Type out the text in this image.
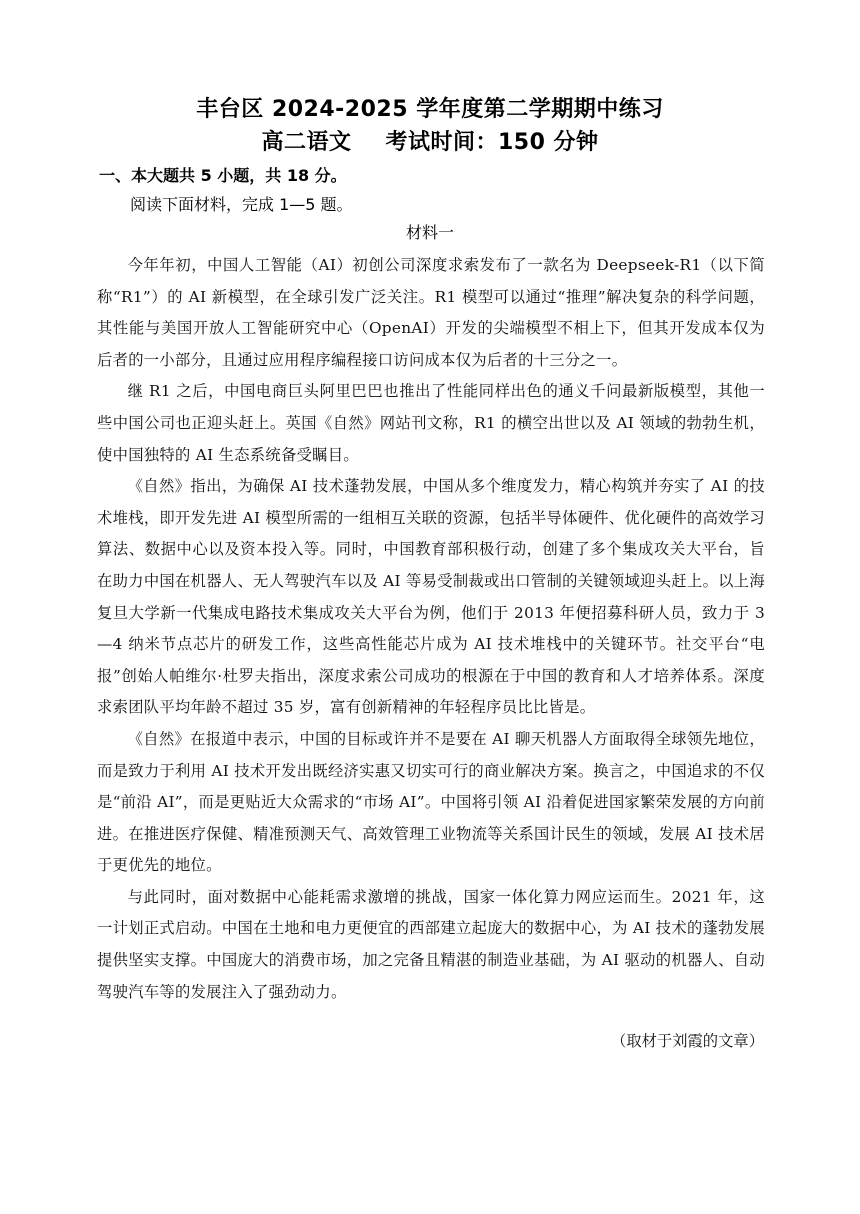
丰台区 2024-2025 学年度第二学期期中练习
高二语文 考试时间：150 分钟
一、本大题共 5 小题，共 18 分。
阅读下面材料，完成 1—5 题。
材料一

今年年初，中国人工智能（AI）初创公司深度求索发布了一款名为 Deepseek-R1（以下简称“R1”）的 AI 新模型，在全球引发广泛关注。R1 模型可以通过“推理”解决复杂的科学问题，其性能与美国开放人工智能研究中心（OpenAI）开发的尖端模型不相上下，但其开发成本仅为后者的一小部分，且通过应用程序编程接口访问成本仅为后者的十三分之一。

继 R1 之后，中国电商巨头阿里巴巴也推出了性能同样出色的通义千问最新版模型，其他一些中国公司也正迎头赶上。英国《自然》网站刊文称，R1 的横空出世以及 AI 领域的勃勃生机，使中国独特的 AI 生态系统备受瞩目。

《自然》指出，为确保 AI 技术蓬勃发展，中国从多个维度发力，精心构筑并夯实了 AI 的技术堆栈，即开发先进 AI 模型所需的一组相互关联的资源，包括半导体硬件、优化硬件的高效学习算法、数据中心以及资本投入等。同时，中国教育部积极行动，创建了多个集成攻关大平台，旨在助力中国在机器人、无人驾驶汽车以及 AI 等易受制裁或出口管制的关键领域迎头赶上。以上海复旦大学新一代集成电路技术集成攻关大平台为例，他们于 2013 年便招募科研人员，致力于 3—4 纳米节点芯片的研发工作，这些高性能芯片成为 AI 技术堆栈中的关键环节。社交平台“电报”创始人帕维尔·杜罗夫指出，深度求索公司成功的根源在于中国的教育和人才培养体系。深度求索团队平均年龄不超过 35 岁，富有创新精神的年轻程序员比比皆是。

《自然》在报道中表示，中国的目标或许并不是要在 AI 聊天机器人方面取得全球领先地位，而是致力于利用 AI 技术开发出既经济实惠又切实可行的商业解决方案。换言之，中国追求的不仅是“前沿 AI”，而是更贴近大众需求的“市场 AI”。中国将引领 AI 沿着促进国家繁荣发展的方向前进。在推进医疗保健、精准预测天气、高效管理工业物流等关系国计民生的领域，发展 AI 技术居于更优先的地位。

与此同时，面对数据中心能耗需求激增的挑战，国家一体化算力网应运而生。2021 年，这一计划正式启动。中国在土地和电力更便宜的西部建立起庞大的数据中心，为 AI 技术的蓬勃发展提供坚实支撑。中国庞大的消费市场，加之完备且精湛的制造业基础，为 AI 驱动的机器人、自动驾驶汽车等的发展注入了强劲动力。

（取材于刘霞的文章）
